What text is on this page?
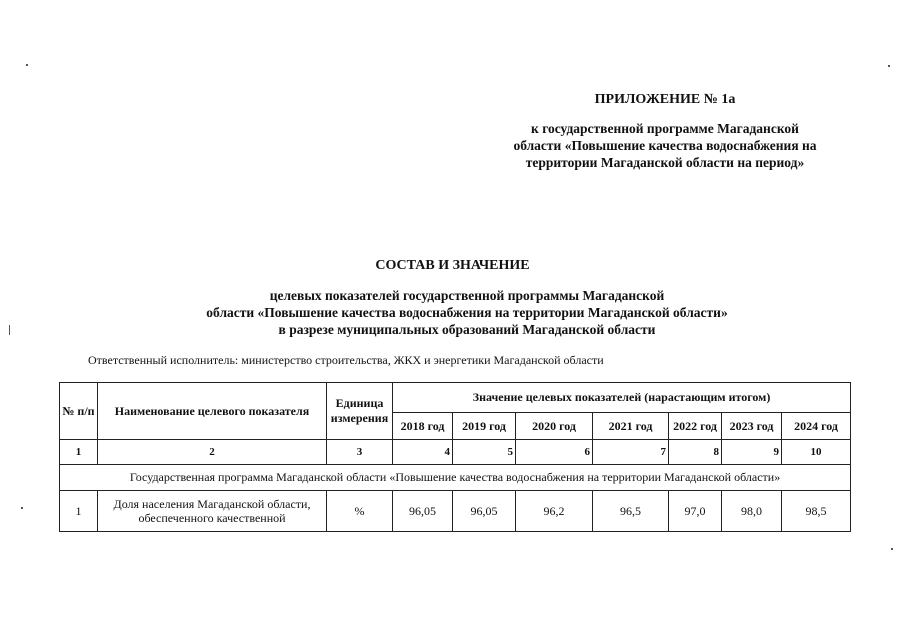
ПРИЛОЖЕНИЕ № 1а
к государственной программе Магаданской
области «Повышение качества водоснабжения на
территории Магаданской области на период»
СОСТАВ И ЗНАЧЕНИЕ
целевых показателей государственной программы Магаданской
области «Повышение качества водоснабжения на территории Магаданской области»
в разрезе муниципальных образований Магаданской области
Ответственный исполнитель: министерство строительства, ЖКХ и энергетики Магаданской области
№ п/п	Наименование целевого показателя	Единица измерения	Значение целевых показателей (нарастающим итогом)						
			2018 год	2019 год	2020 год	2021 год	2022 год	2023 год	2024 год
1	2	3	4	5	6	7	8	9	10
Государственная программа Магаданской области «Повышение качества водоснабжения на территории Магаданской области»									
1	Доля населения Магаданской области, обеспеченного качественной	%	96,05	96,05	96,2	96,5	97,0	98,0	98,5
